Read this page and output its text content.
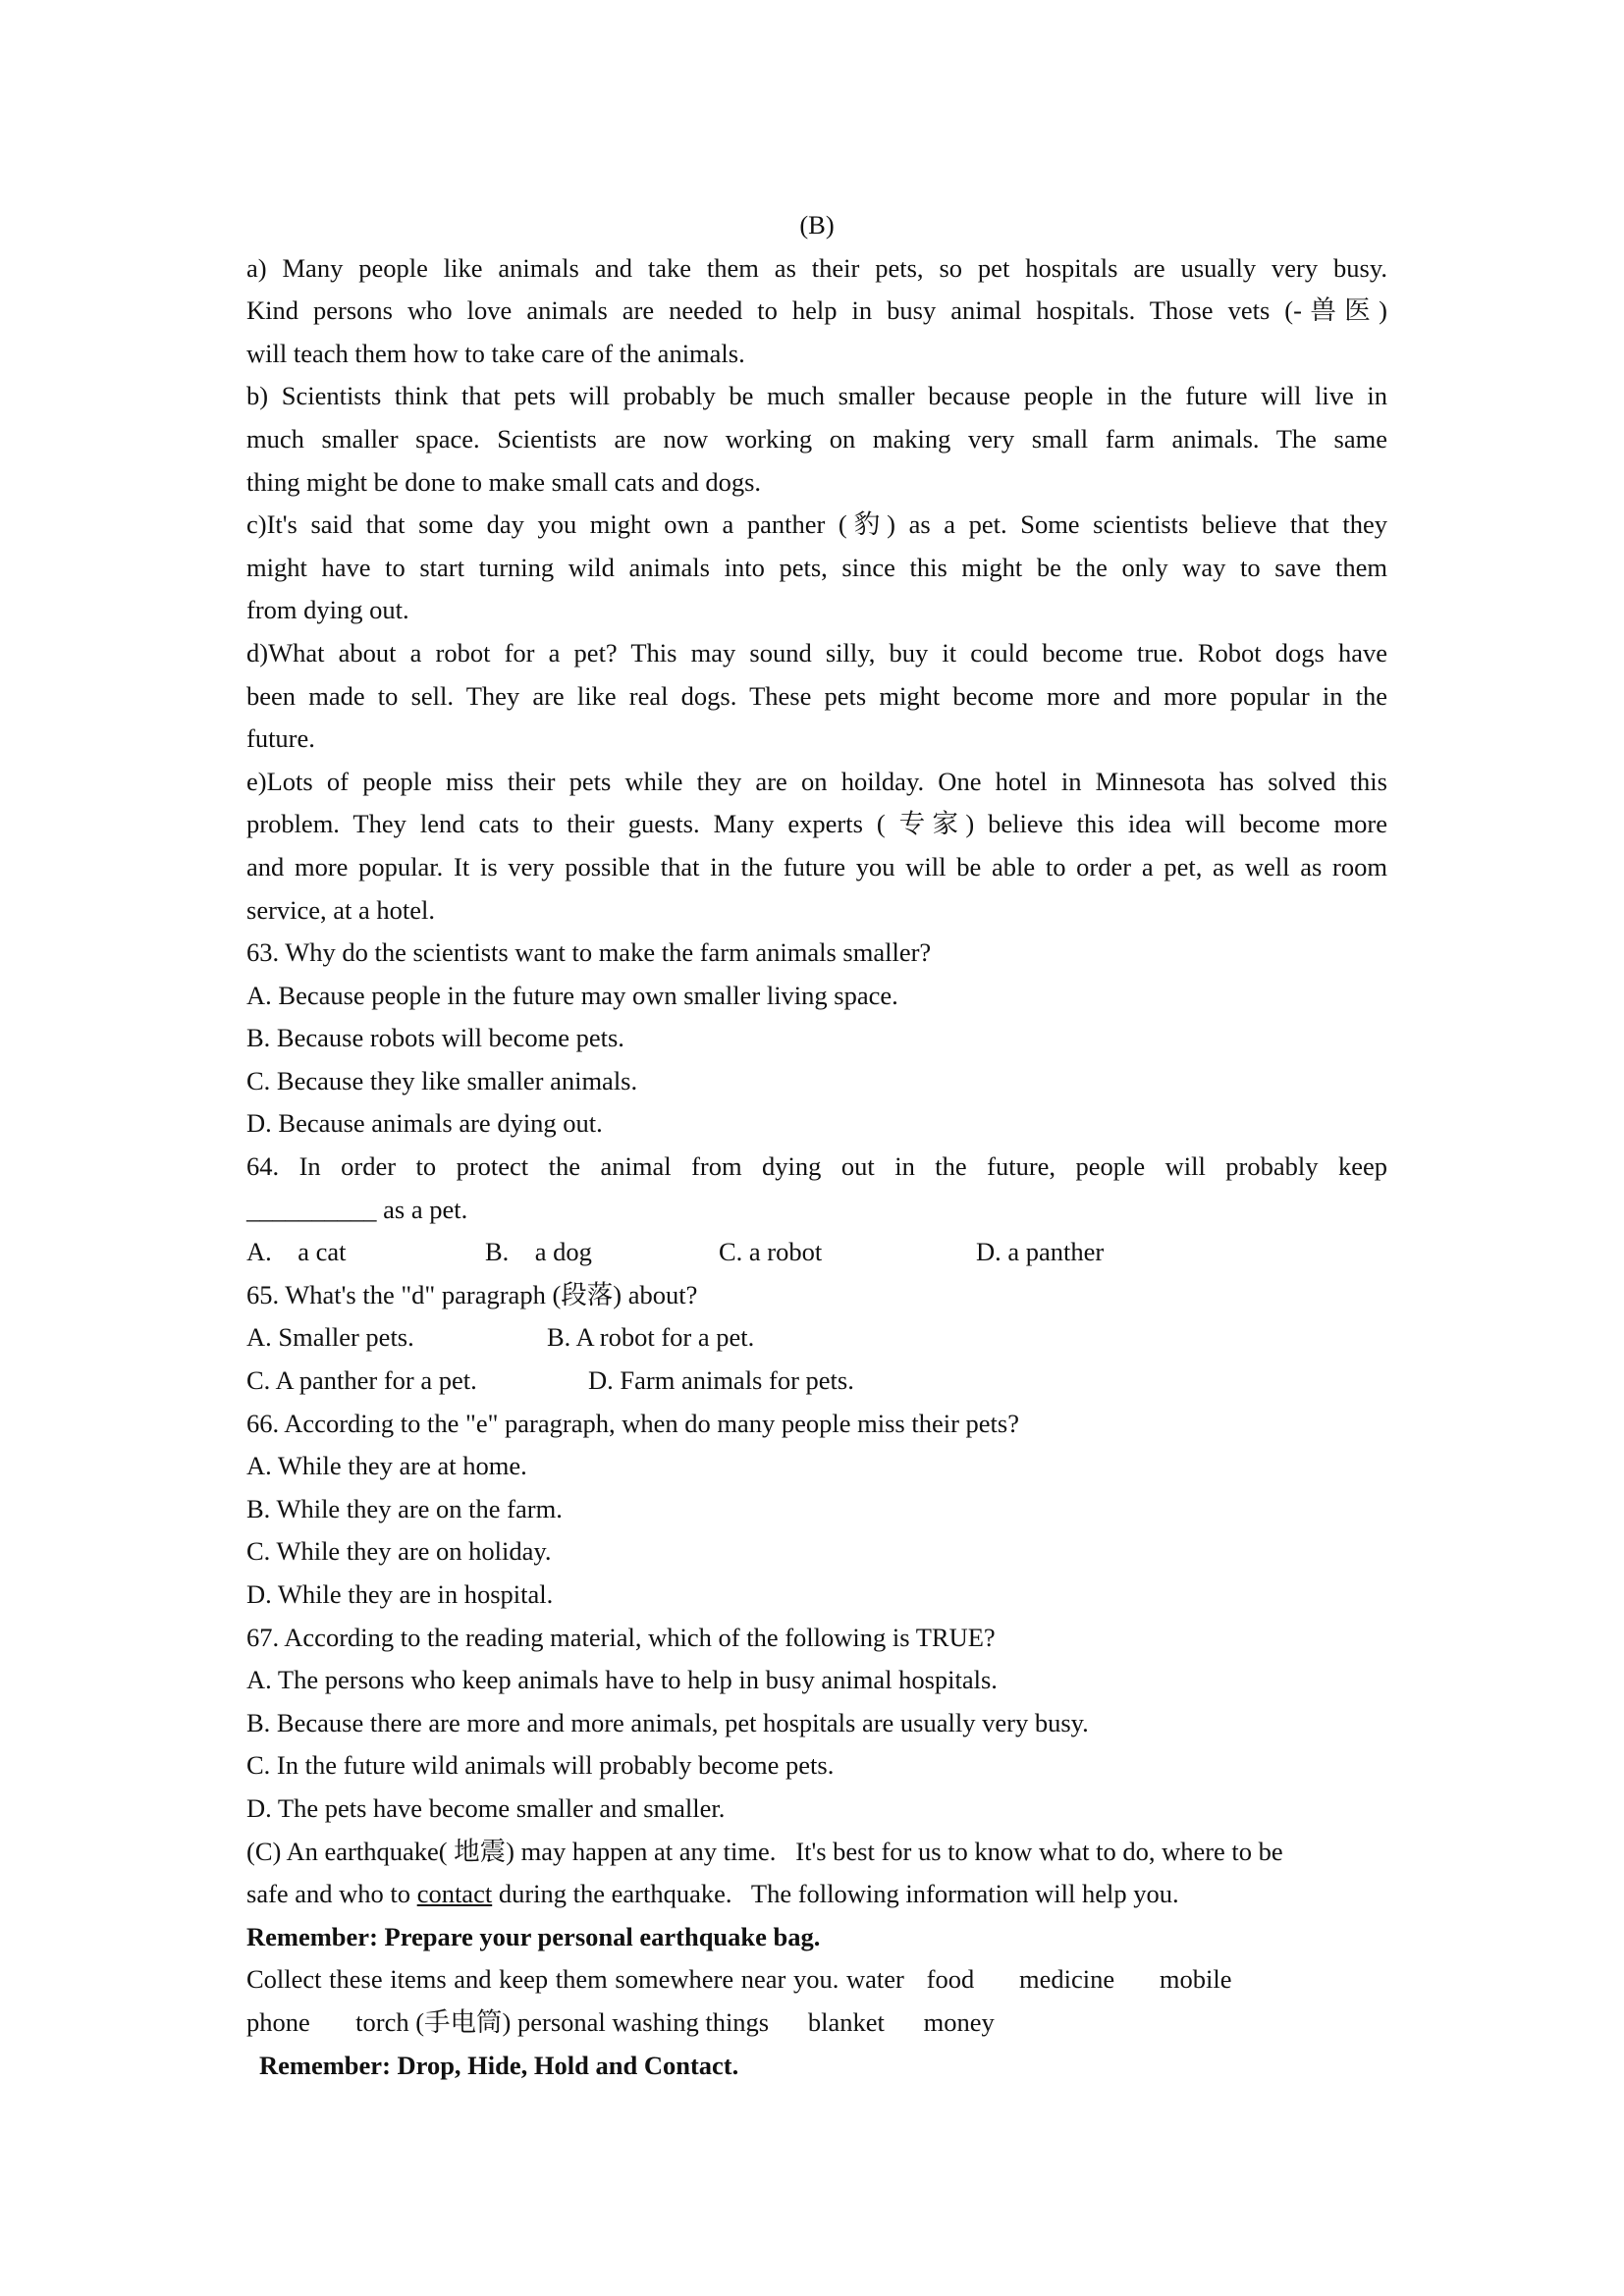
(B)
a) Many people like animals and take them as their pets, so pet hospitals are usually very busy.
Kind persons who love animals are needed to help in busy animal hospitals. Those vets (-兽医)
will teach them how to take care of the animals.
b) Scientists think that pets will probably be much smaller because people in the future will live in
much smaller space. Scientists are now working on making very small farm animals. The same
thing might be done to make small cats and dogs.
c)It's said that some day you might own a panther (豹) as a pet. Some scientists believe that they
might have to start turning wild animals into pets, since this might be the only way to save them
from dying out.
d)What about a robot for a pet? This may sound silly, buy it could become true. Robot dogs have
been made to sell. They are like real dogs. These pets might become more and more popular in the
future.
e)Lots of people miss their pets while they are on hoilday. One hotel in Minnesota has solved this
problem. They lend cats to their guests. Many experts ( 专家) believe this idea will become more
and more popular. It is very possible that in the future you will be able to order a pet, as well as room
service, at a hotel.
63. Why do the scientists want to make the farm animals smaller?
A. Because people in the future may own smaller living space.
B. Because robots will become pets.
C. Because they like smaller animals.
D. Because animals are dying out.
64. In order to protect the animal from dying out in the future, people will probably keep
__________ as a pet.
A.    a cat	B.    a dog	C. a robot	D. a panther
65. What's the "d" paragraph (段落) about?
A. Smaller pets.	B. A robot for a pet.
C. A panther for a pet.	D. Farm animals for pets.
66. According to the "e" paragraph, when do many people miss their pets?
A. While they are at home.
B. While they are on the farm.
C. While they are on holiday.
D. While they are in hospital.
67. According to the reading material, which of the following is TRUE?
A. The persons who keep animals have to help in busy animal hospitals.
B. Because there are more and more animals, pet hospitals are usually very busy.
C. In the future wild animals will probably become pets.
D. The pets have become smaller and smaller.
(C) An earthquake( 地震) may happen at any time.   It's best for us to know what to do, where to be
safe and who to contact during the earthquake.   The following information will help you.
Remember: Prepare your personal earthquake bag.
Collect these items and keep them somewhere near you. water   food      medicine      mobile
phone       torch (手电筒) personal washing things      blanket      money
Remember: Drop, Hide, Hold and Contact.
